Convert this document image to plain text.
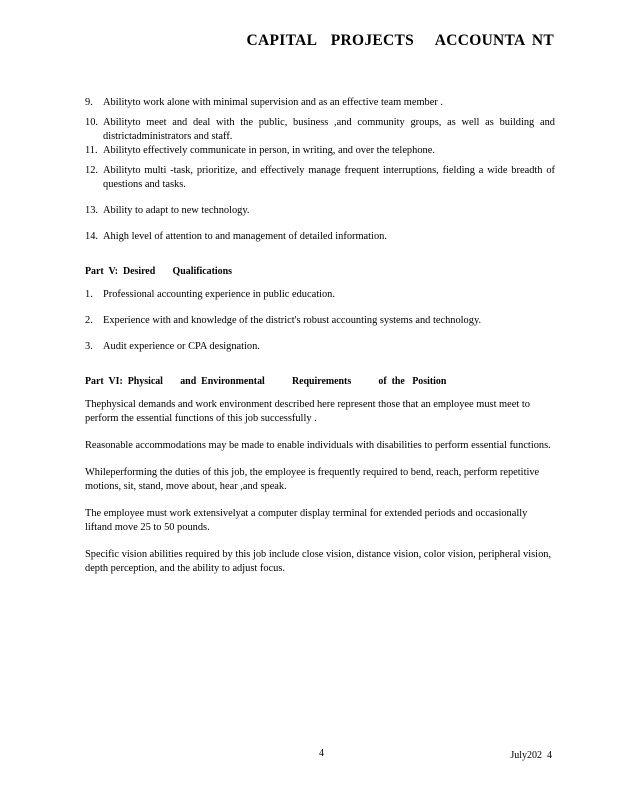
CAPITAL  PROJECTS   ACCOUNTA NT
9. Abilityto work alone with minimal supervision and as an effective team member .
10. Abilityto meet and deal with the public, business ,and community groups, as well as building and districtadministrators and staff.
11. Abilityto effectively communicate in person, in writing, and over the telephone.
12. Abilityto multi -task, prioritize, and effectively manage frequent interruptions, fielding a wide breadth of questions and tasks.
13. Ability to adapt to new technology.
14. Ahigh level of attention to and management of detailed information.
Part  V:  Desired       Qualifications
1. Professional accounting experience in public education.
2. Experience with and knowledge of the district's robust accounting systems and technology.
3. Audit experience or CPA designation.
Part  VI:  Physical       and  Environmental           Requirements           of  the   Position

Thephysical demands and work environment described here represent those that an employee must meet to perform the essential functions of this job successfully .

Reasonable accommodations may be made to enable individuals with disabilities to perform essential functions.

Whileperforming the duties of this job, the employee is frequently required to bend, reach, perform repetitive motions, sit, stand, move about, hear ,and speak.

The employee must work extensivelyat a computer display terminal for extended periods and occasionally liftand move 25 to 50 pounds.

Specific vision abilities required by this job include close vision, distance vision, color vision, peripheral vision, depth perception, and the ability to adjust focus.

4	July202  4
